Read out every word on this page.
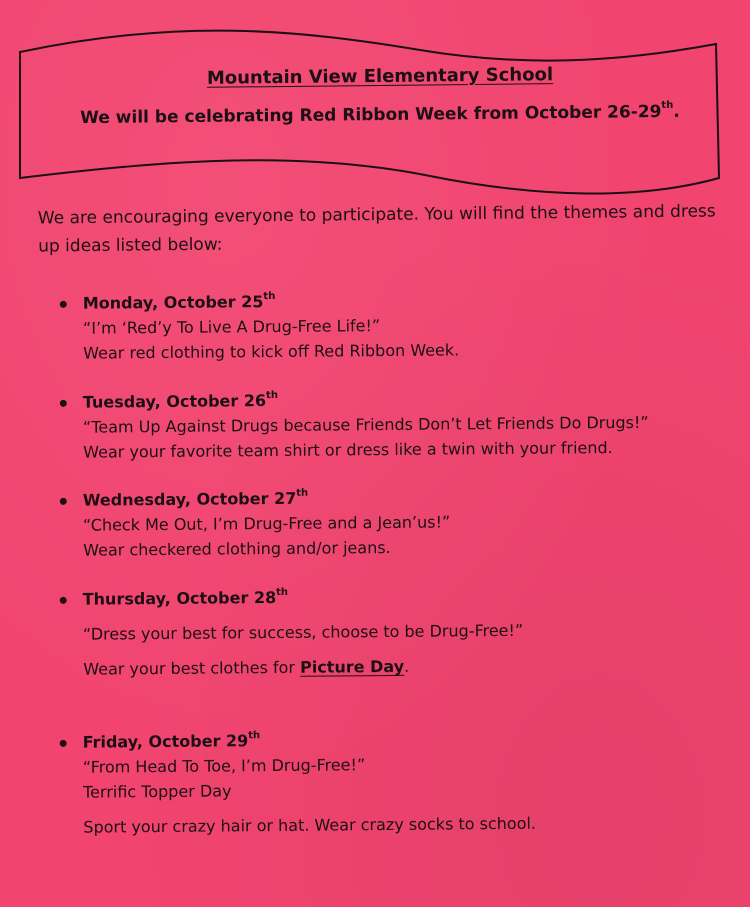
Mountain View Elementary School
We will be celebrating Red Ribbon Week from October 26-29th.
We are encouraging everyone to participate. You will find the themes and dress up ideas listed below:
Monday, October 25th
“I’m ‘Red’y To Live A Drug-Free Life!”
Wear red clothing to kick off Red Ribbon Week.
Tuesday, October 26th
“Team Up Against Drugs because Friends Don’t Let Friends Do Drugs!”
Wear your favorite team shirt or dress like a twin with your friend.
Wednesday, October 27th
“Check Me Out, I’m Drug-Free and a Jean’us!”
Wear checkered clothing and/or jeans.
Thursday, October 28th
“Dress your best for success, choose to be Drug-Free!”
Wear your best clothes for Picture Day.
Friday, October 29th
“From Head To Toe, I’m Drug-Free!”
Terrific Topper Day
Sport your crazy hair or hat. Wear crazy socks to school.
